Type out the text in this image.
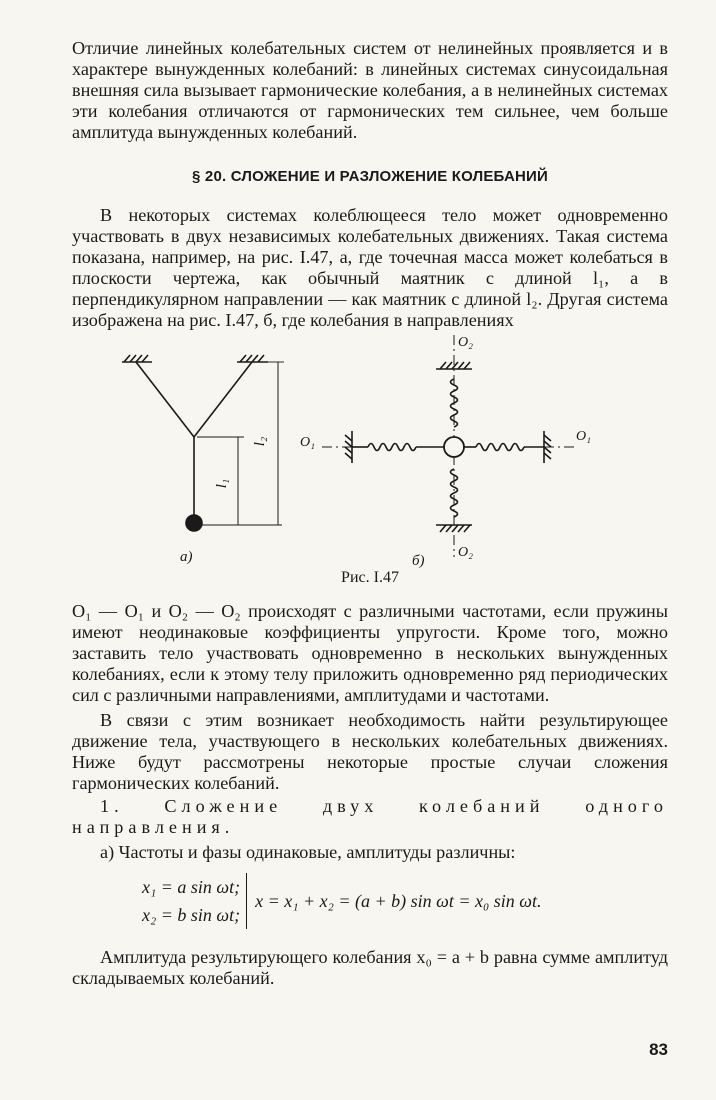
Отличие линейных колебательных систем от нелинейных проявляется и в характере вынужденных колебаний: в линейных системах синусоидальная внешняя сила вызывает гармонические колебания, а в нелинейных системах эти колебания отличаются от гармонических тем сильнее, чем больше амплитуда вынужденных колебаний.

§ 20. СЛОЖЕНИЕ И РАЗЛОЖЕНИЕ КОЛЕБАНИЙ

В некоторых системах колеблющееся тело может одновременно участвовать в двух независимых колебательных движениях. Такая система показана, например, на рис. I.47, а, где точечная масса может колебаться в плоскости чертежа, как обычный маятник с длиной l₁, а в перпендикулярном направлении — как маятник с длиной l₂. Другая система изображена на рис. I.47, б, где колебания в направлениях

l₂
l₁
а)	б)
O₂
O₂
O₁	O₁
Рис. I.47

O₁ — O₁ и O₂ — O₂ происходят с различными частотами, если пружины имеют неодинаковые коэффициенты упругости. Кроме того, можно заставить тело участвовать одновременно в нескольких вынужденных колебаниях, если к этому телу приложить одновременно ряд периодических сил с различными направлениями, амплитудами и частотами.

В связи с этим возникает необходимость найти результирующее движение тела, участвующего в нескольких колебательных движениях. Ниже будут рассмотрены некоторые простые случаи сложения гармонических колебаний.

1. Сложение двух колебаний одного направления.

а) Частоты и фазы одинаковые, амплитуды различны:

x₁ = a sin ωt;
x₂ = b sin ωt;
x = x₁ + x₂ = (a + b) sin ωt = x₀ sin ωt.

Амплитуда результирующего колебания x₀ = a + b равна сумме амплитуд складываемых колебаний.

83
